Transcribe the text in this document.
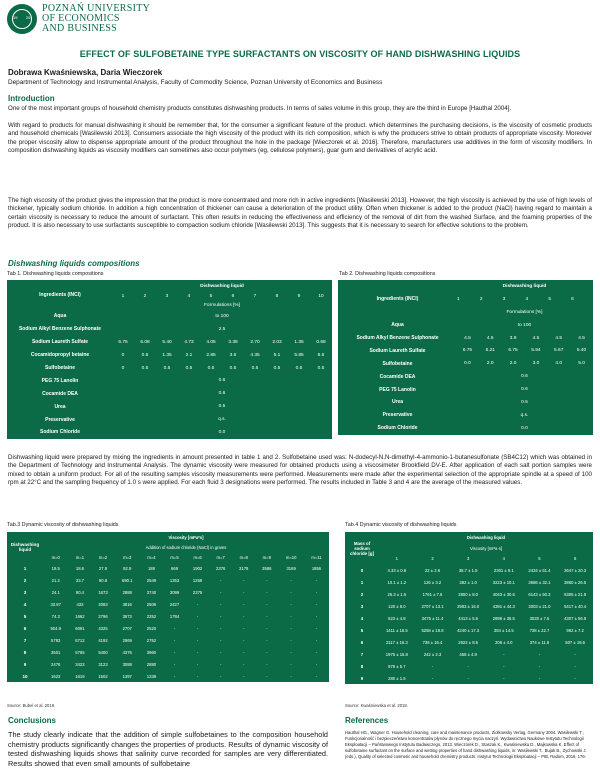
19 26
POZNAŃ UNIVERSITY
OF ECONOMICS
AND BUSINESS
EFFECT OF SULFOBETAINE TYPE SURFACTANTS ON VISCOSITY OF HAND DISHWASHING LIQUIDS
Dobrawa Kwaśniewska, Daria Wieczorek
Department of Technology and Instrumental Analysis, Faculty of Commodity Science, Poznan University of Economics and Business
Introduction
One of the most important groups of household chemistry products constitutes dishwashing products. In terms of sales volume in this group, they are the third in Europe [Hauthal 2004].
With regard to products for manual dishwashing it should be remember that, for the consumer a significant feature of the product. which determines the purchasing decisions, is the viscosity of cosmetic products and household chemicals [Wasilewski 2013]. Consumers associate the high viscosity of the product with its rich composition, which is why the producers strive to obtain products of appropriate viscosity. Moreover the proper viscosity allow to dispense appropriate amount of the product throughout the hole in the package [Wieczorek et al. 2016]. Therefore, manufacturers use additives in the form of viscosity modifiers. In composition dishwashing liquids as viscosity modifiers can sometimes also occur polymers (eg, cellulose polymers), guar gum and derivatives of acrylic acid.
The high viscosity of the product gives the impression that the product is more concentrated and more rich in active ingredients [Wasilewski 2013]. However, the high viscosity is achieved by the use of high levels of thickener, typically sodium chloride. In addition a high concentration of thickener can cause a deterioration of the product utility. Often when thickener is added to the product (NaCl) having regard to maintain a certain viscosity is necessary to reduce the amount of surfactant. This often results in reducing the effectiveness and efficiency of the removal of dirt from the washed Surface, and the foaming properties of the product. It is also necessary to use surfactants susceptible to compaction sodium chloride [Wasilewski 2013]. This suggests that it is necessary to search for effective solutions to the problem.
Dishwashing liquids compositions
Tab 1. Dishwashing liquids compositions
Ingredients (INCI)	Dishwashing liquid									
	1	2	3	4	5	6	7	8	9	10
	Formulations [%]									
Aqua	to 100									
Sodium Alkyl Benzene Sulphonate	2.5									
Sodium Laureth Sulfate	6.75	6.08	5.40	4.73	4.05	3.38	2.70	2.03	1.35	0.68
Cocamidopropyl betaine	0	0.6	1.35	2.1	2.85	3.6	4.35	5.1	5.85	6.6
Sulfobetaine	0	0.5	0.5	0.5	0.5	0.5	0.5	0.5	0.5	0.5
PEG 75 Lanolin	0.6									
Cocamide DEA	0.6									
Urea	0.5									
Preservative	q.s.									
Sodium Chloride	0.0									
Tab 2. Dishwashing liquids compositions
Ingredients (INCI)	Dishwashing liquid					
	1	2	3	4	5	6
	Formulations [%]					
Aqua	to 100					
Sodium Alkyl Benzene Sulphonate	4.5	4.5	3.9	4.5	4.5	4.5
Sodium Laureth Sulfate	6.75	6.21	6.75	5.94	5.67	5.40
Sulfobetaine	0.0	2.0	2.0	3.0	4.0	5.0
Cocamide DEA	0.6					
PEG 75 Lanolin	0.6					
Urea	0.5					
Preservative	q.s.					
Sodium Chloride	0.0					
Dishwashing liquid were prepared by mixing the ingredients in amount presented in table 1 and 2. Sulfobetaine used was: N-dodecyl-N,N-dimethyl-4-ammonio-1-butanesulfonate (SB4C12) which was obtained in the Department of Technology and Instrumental Analysis. The dynamic viscosity were measured for obtained products using a viscosimeter Brookfield DV-E. After application of each salt portion samples were mixed to obtain a uniform product. For all of the resulting samples viscosity measurements were performed. Measurements were made after the experimental selection of the appropriate spindle at a speed of 100 rpm at 22°C and the sampling frequency of 1.0 s were applied. For each fluid 3 designations were performed. The results included in Table 3 and 4 are the average of the measured values.
Tab.3 Dynamic viscosity of dishwashing liquids
Dishwashing liquid	Viscosity [mPa*s]											
	Addition of sodium chloride (NaCl) in grams											
	m=0	m=1	m=2	m=3	m=4	m=5	m=6	m=7	m=8	m=9	m=10	m=11
1	19.5	18.6	27.9	92.9	189	669	1902	2376	3178	3586	3169	1856
2	21.2	33.7	90.8	690.1	2549	1353	1259	-	-	-	-	-
3	24.1	90.4	1673	2888	3740	3099	2375	-	-	-	-	-
4	33.87	433	2083	3816	2506	2427	-	-	-	-	-	-
5	74.3	1662	2796	3673	2252	1784	-	-	-	-	-	-
6	504.9	6091	4325	2707	2520	-	-	-	-	-	-	-
7	5783	6712	4192	2969	2752	-	-	-	-	-	-	-
8	3501	5765	5400	4376	3960	-	-	-	-	-	-	-
9	2476	3423	3123	3088	2880	-	-	-	-	-	-	-
10	1623	1619	1502	1397	1339	-	-	-	-	-	-	-
Source: Bubel et al. 2018.
Tab.4 Dynamic viscosity of dishwashing liquids
Mass of sodium chloride [g]	Dishwashing liquid					
	Viscosity [mPa·s]					
	1	2	3	4	5	6
0	4.33 ± 0.8	22 ± 2.6	38.7 ± 1.5	2301 ± 9.1	2434 ± 61.4	2647 ± 20.3
1	10.1 ± 1.2	126 ± 3.2	382 ± 1.0	3223 ± 10.1	3686 ± 32.1	3860 ± 26.5
2	25.3 ± 1.5	1761 ± 7.6	2800 ± 8.0	4043 ± 30.6	6143 ± 50.3	5305 ± 21.8
3	120 ± 8.0	2707 ± 13.1	2983 ± 16.0	4391 ± 44.3	3003 ± 21.0	5417 ± 40.4
4	523 ± 4.8	3475 ± 11.4	4413 ± 5.5	2898 ± 36.5	3028 ± 7.5	4307 ± 56.8
5	1411 ± 16.5	5258 ± 19.8	4240 ± 17.3	384 ± 14.5	738 ± 22.7	982 ± 7.2
6	2117 ± 16.3	736 ± 16.4	2922 ± 8.5	206 ± 4.0	374 ± 11.6	507 ± 18.6
7	1975 ± 15.8	242 ± 2.3	458 ± 4.9	-	-	-
8	979 ± 5.7	-	-	-	-	-
9	280 ± 1.5	-	-	-	-	-
Source: Kwaśniewska et al. 2018.
Conclusions
The study clearly indicate that the addition of simple sulfobetaines to the composition household chemistry products significantly changes the properties of products. Results of dynamic viscosity of tested dishwashing liquids shows that salinity curve recorded for samples are very differentiated. Results showed that even small amounts of sulfobetaine
References
Hauthal HG., Wagner G. Household cleaning, care and maintenance products, Ziolkowsky Verlag, Germany 2004. Wasilewski T., Funkcjonalność i bezpieczeństwo koncentratów płynów do ręcznego mycia naczyń. Wydawnictwo Naukowe Instytutu Technologii Eksploatacji – Państwowego Instytutu Badawczego, 2013. Wieczorek D., Staszak K., Kwaśniewska D., Majkowska K. Effect of sulfobetaine surfactant on the surface and wetting properties of hand dishwashing liquids, in: Wasilewski T., Bujak B., Zychowski J. (eds.), Quality of selected cosmetic and household chemistry products. Instytut Technologii Eksploatacji – PIB, Radom, 2016, 176-
